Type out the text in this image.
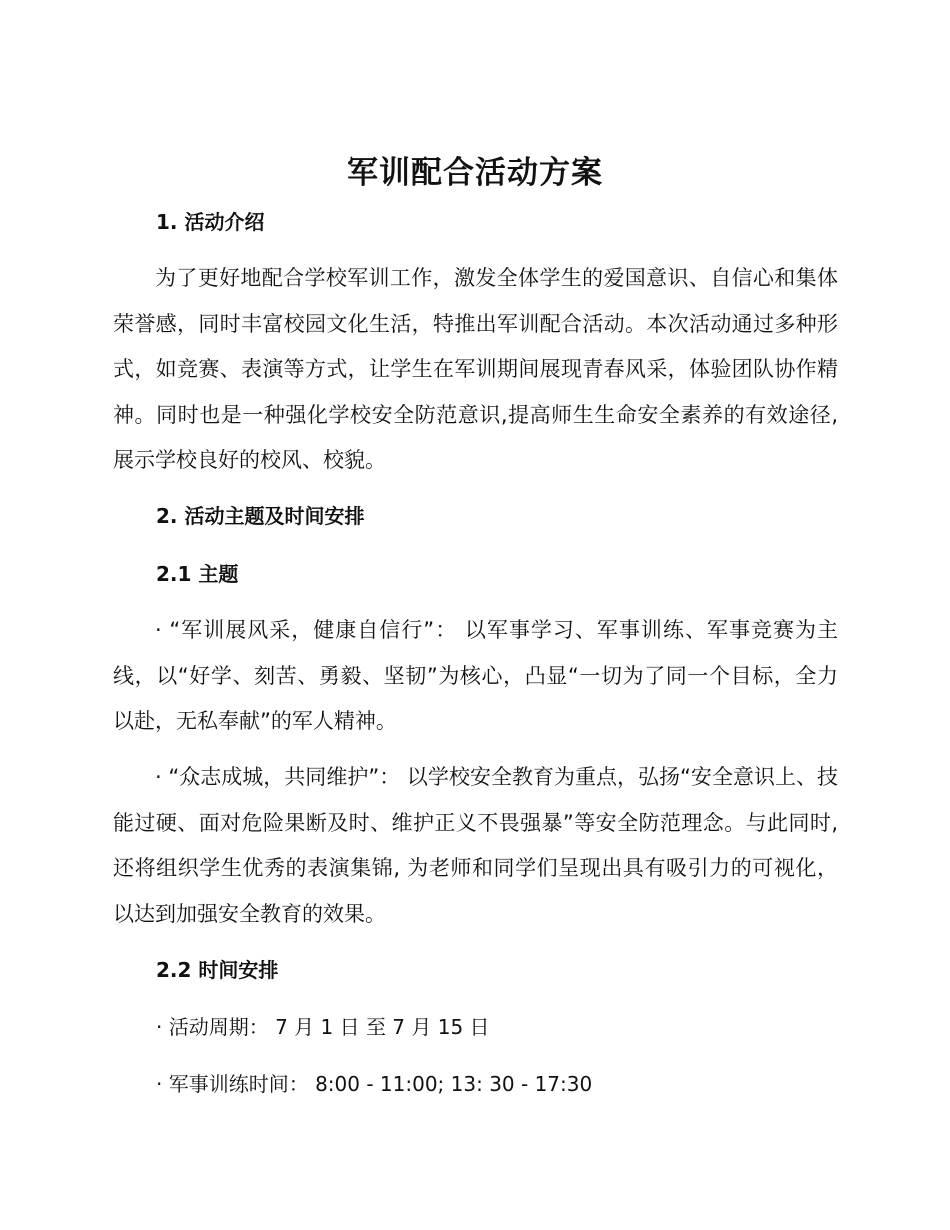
军训配合活动方案
1. 活动介绍

为了更好地配合学校军训工作，激发全体学生的爱国意识、自信心和集体荣誉感，同时丰富校园文化生活，特推出军训配合活动。本次活动通过多种形式，如竞赛、表演等方式，让学生在军训期间展现青春风采，体验团队协作精神。同时也是一种强化学校安全防范意识,提高师生生命安全素养的有效途径,展示学校良好的校风、校貌。

2. 活动主题及时间安排
2.1 主题

· “军训展风采，健康自信行”： 以军事学习、军事训练、军事竞赛为主线，以“好学、刻苦、勇毅、坚韧”为核心，凸显“一切为了同一个目标，全力以赴，无私奉献”的军人精神。

· “众志成城，共同维护”： 以学校安全教育为重点，弘扬“安全意识上、技能过硬、面对危险果断及时、维护正义不畏强暴”等安全防范理念。与此同时,还将组织学生优秀的表演集锦, 为老师和同学们呈现出具有吸引力的可视化，以达到加强安全教育的效果。

2.2 时间安排

· 活动周期： 7 月 1 日 至 7 月 15 日

· 军事训练时间： 8:00 - 11:00; 13: 30 - 17:30
